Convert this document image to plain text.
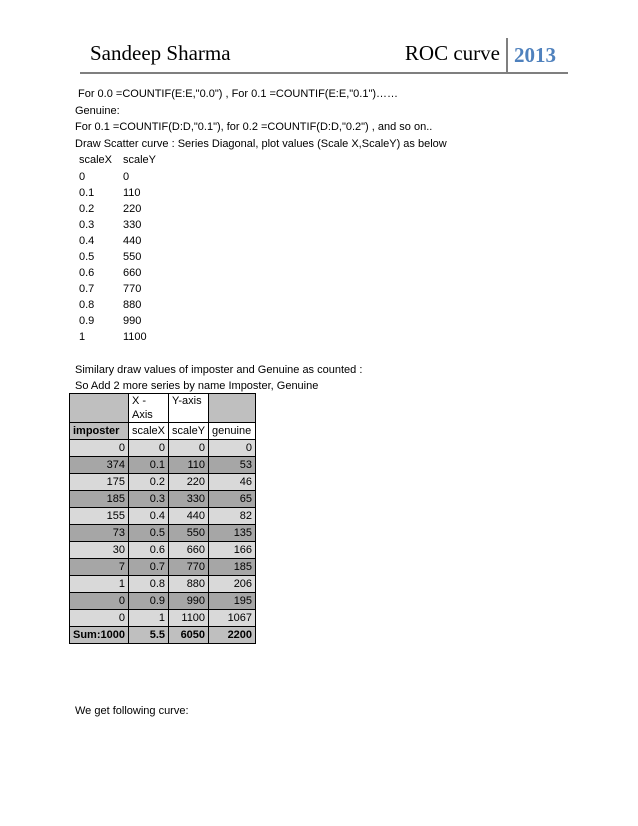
Sandeep Sharma	ROC curve 2013
For 0.0 =COUNTIF(E:E,"0.0") , For 0.1 =COUNTIF(E:E,"0.1")……
Genuine:
For 0.1 =COUNTIF(D:D,"0.1"), for 0.2 =COUNTIF(D:D,"0.2") , and so on..
Draw Scatter curve : Series Diagonal, plot values (Scale X,ScaleY) as below
scaleX	scaleY
0	0
0.1	110
0.2	220
0.3	330
0.4	440
0.5	550
0.6	660
0.7	770
0.8	880
0.9	990
1	1100
Similary draw values of imposter and Genuine as counted :
So Add 2 more series by name Imposter, Genuine
	X - Axis	Y-axis	
imposter	scaleX	scaleY	genuine
0	0	0	0
374	0.1	110	53
175	0.2	220	46
185	0.3	330	65
155	0.4	440	82
73	0.5	550	135
30	0.6	660	166
7	0.7	770	185
1	0.8	880	206
0	0.9	990	195
0	1	1100	1067
Sum:1000	5.5	6050	2200
We get following curve:
